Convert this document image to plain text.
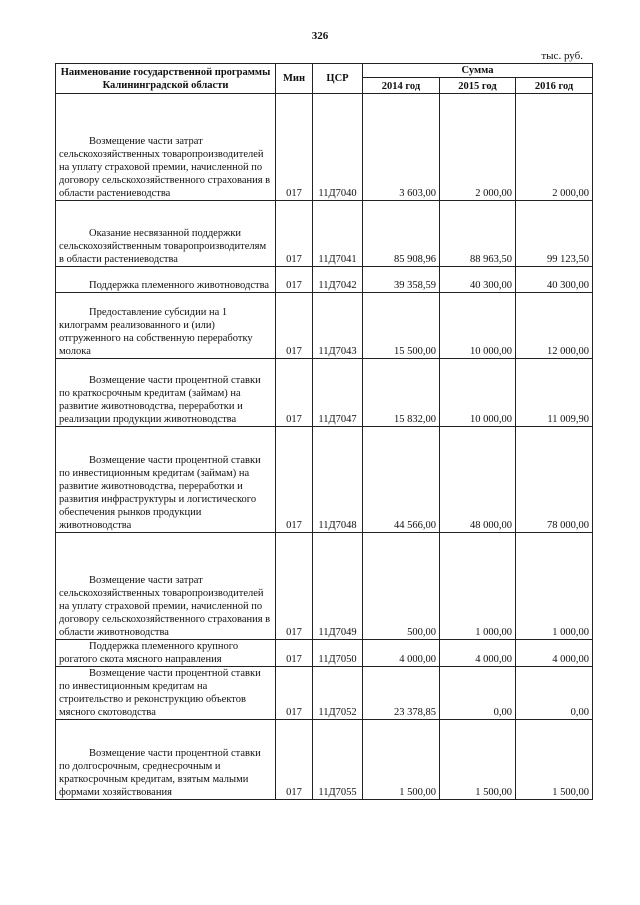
326
тыс. руб.
Наименование государственной программы Калининградской области	Мин	ЦСР	Сумма		
			2014 год	2015 год	2016 год
Возмещение части затрат сельскохозяйственных товаропроизводителей на уплату страховой премии, начисленной по договору сельскохозяйственного страхования в области растениеводства	017	11Д7040	3 603,00	2 000,00	2 000,00
Оказание несвязанной поддержки сельскохозяйственным товаропроизводителям в области растениеводства	017	11Д7041	85 908,96	88 963,50	99 123,50
Поддержка племенного животноводства	017	11Д7042	39 358,59	40 300,00	40 300,00
Предоставление субсидии на 1 килограмм реализованного и (или) отгруженного на собственную переработку молока	017	11Д7043	15 500,00	10 000,00	12 000,00
Возмещение части процентной ставки по краткосрочным кредитам (займам) на развитие животноводства, переработки и реализации продукции животноводства	017	11Д7047	15 832,00	10 000,00	11 009,90
Возмещение части процентной ставки по инвестиционным кредитам (займам) на развитие животноводства, переработки и развития инфраструктуры и логистического обеспечения рынков продукции животноводства	017	11Д7048	44 566,00	48 000,00	78 000,00
Возмещение части затрат сельскохозяйственных товаропроизводителей на уплату страховой премии, начисленной по договору сельскохозяйственного страхования в области животноводства	017	11Д7049	500,00	1 000,00	1 000,00
Поддержка племенного крупного рогатого скота мясного направления	017	11Д7050	4 000,00	4 000,00	4 000,00
Возмещение части процентной ставки по инвестиционным кредитам на строительство и реконструкцию объектов мясного скотоводства	017	11Д7052	23 378,85	0,00	0,00
Возмещение части процентной ставки по долгосрочным, среднесрочным и краткосрочным кредитам, взятым малыми формами хозяйствования	017	11Д7055	1 500,00	1 500,00	1 500,00
